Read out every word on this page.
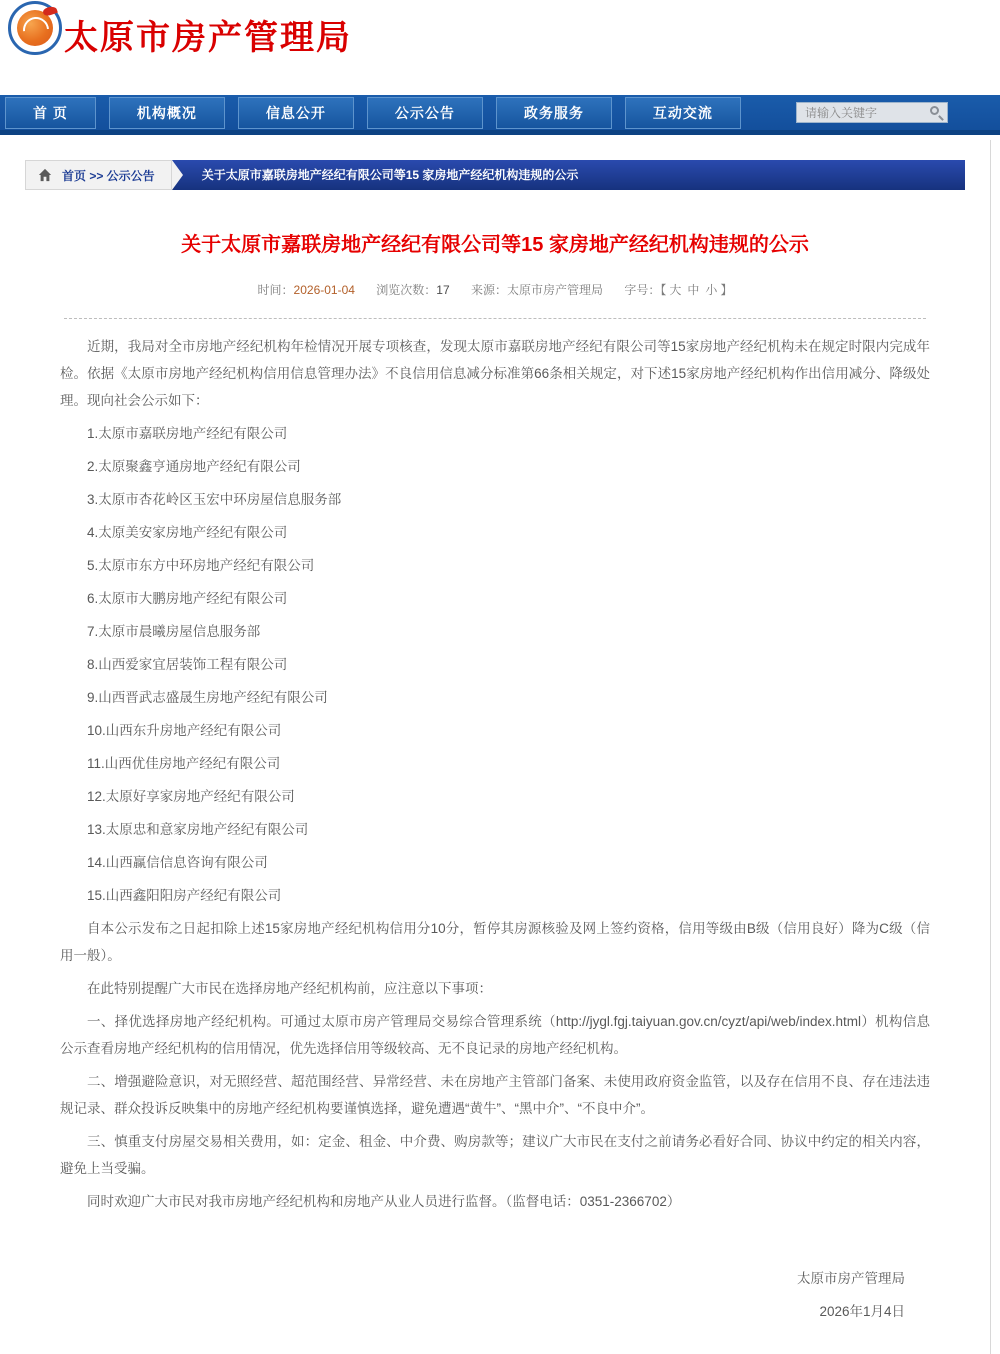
太原市房产管理局
首 页	机构概况	信息公开	公示公告	政务服务	互动交流
请输入关键字
首页 >> 公示公告	关于太原市嘉联房地产经纪有限公司等15 家房地产经纪机构违规的公示
关于太原市嘉联房地产经纪有限公司等15 家房地产经纪机构违规的公示
时间：2026-01-04 浏览次数：17 来源：太原市房产管理局 字号：【 大 中 小 】

近期，我局对全市房地产经纪机构年检情况开展专项核查，发现太原市嘉联房地产经纪有限公司等15家房地产经纪机构未在规定时限内完成年检。依据《太原市房地产经纪机构信用信息管理办法》不良信用信息减分标准第66条相关规定，对下述15家房地产经纪机构作出信用减分、降级处理。现向社会公示如下：

1.太原市嘉联房地产经纪有限公司

2.太原聚鑫亨通房地产经纪有限公司

3.太原市杏花岭区玉宏中环房屋信息服务部

4.太原美安家房地产经纪有限公司

5.太原市东方中环房地产经纪有限公司

6.太原市大鹏房地产经纪有限公司

7.太原市晨曦房屋信息服务部

8.山西爱家宜居装饰工程有限公司

9.山西晋武志盛晟生房地产经纪有限公司

10.山西东升房地产经纪有限公司

11.山西优佳房地产经纪有限公司

12.太原好享家房地产经纪有限公司

13.太原忠和意家房地产经纪有限公司

14.山西赢信信息咨询有限公司

15.山西鑫阳阳房产经纪有限公司

自本公示发布之日起扣除上述15家房地产经纪机构信用分10分，暂停其房源核验及网上签约资格，信用等级由B级（信用良好）降为C级（信用一般）。

在此特别提醒广大市民在选择房地产经纪机构前，应注意以下事项：

一、择优选择房地产经纪机构。可通过太原市房产管理局交易综合管理系统（http://jygl.fgj.taiyuan.gov.cn/cyzt/api/web/index.html）机构信息公示查看房地产经纪机构的信用情况，优先选择信用等级较高、无不良记录的房地产经纪机构。

二、增强避险意识，对无照经营、超范围经营、异常经营、未在房地产主管部门备案、未使用政府资金监管，以及存在信用不良、存在违法违规记录、群众投诉反映集中的房地产经纪机构要谨慎选择，避免遭遇“黄牛”、“黑中介”、“不良中介”。

三、慎重支付房屋交易相关费用，如：定金、租金、中介费、购房款等；建议广大市民在支付之前请务必看好合同、协议中约定的相关内容，避免上当受骗。

同时欢迎广大市民对我市房地产经纪机构和房地产从业人员进行监督。（监督电话：0351-2366702）

太原市房产管理局

2026年1月4日
